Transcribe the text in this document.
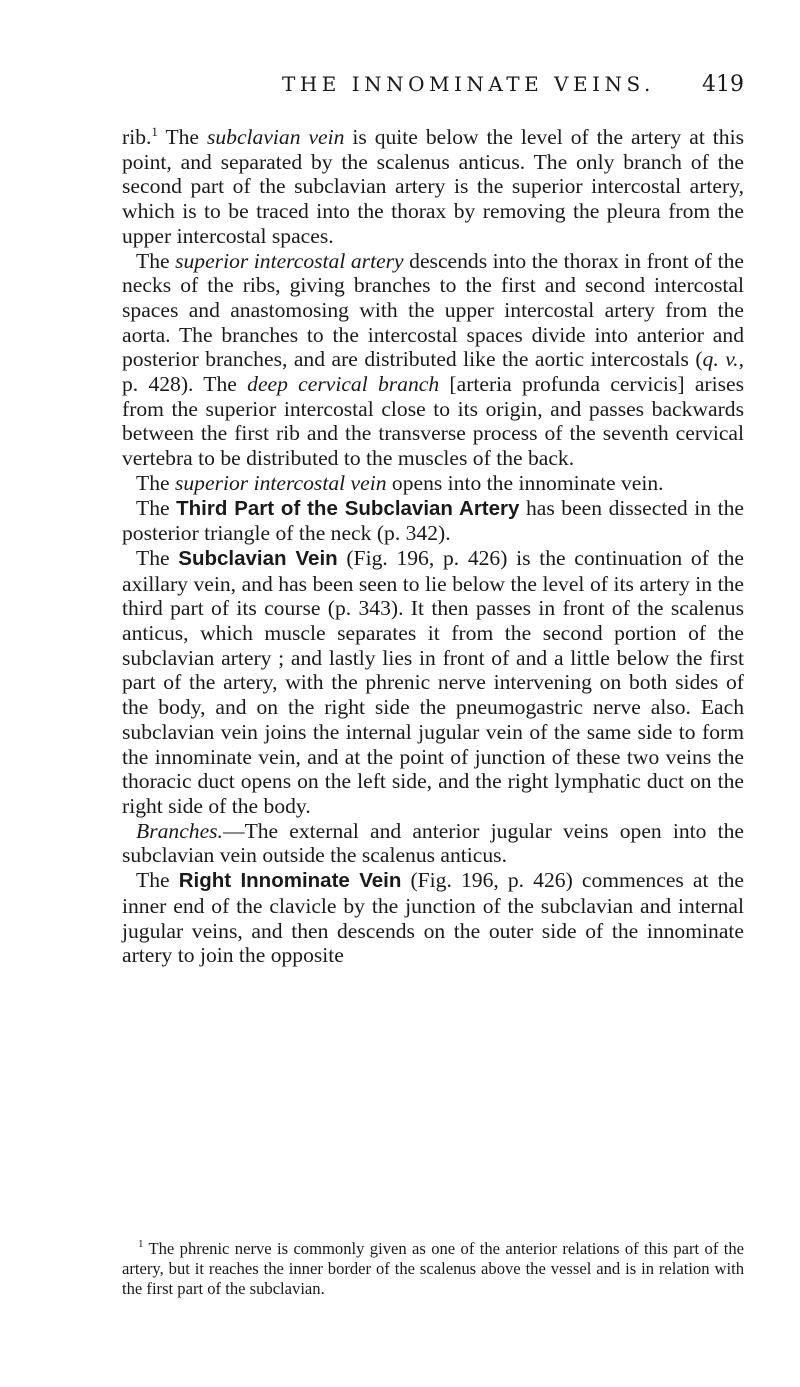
THE INNOMINATE VEINS. 419

rib.$^1$ The subclavian vein is quite below the level of the artery at this point, and separated by the scalenus anticus. The only branch of the second part of the subclavian artery is the superior intercostal artery, which is to be traced into the thorax by removing the pleura from the upper intercostal spaces.

The superior intercostal artery descends into the thorax in front of the necks of the ribs, giving branches to the first and second intercostal spaces and anastomosing with the upper intercostal artery from the aorta. The branches to the intercostal spaces divide into anterior and posterior branches, and are distributed like the aortic intercostals (q. v., p. 428). The deep cervical branch [arteria profunda cervicis] arises from the superior intercostal close to its origin, and passes backwards between the first rib and the transverse process of the seventh cervical vertebra to be distributed to the muscles of the back.

The superior intercostal vein opens into the innominate vein.

The Third Part of the Subclavian Artery has been dissected in the posterior triangle of the neck (p. 342).

The Subclavian Vein (Fig. 196, p. 426) is the continuation of the axillary vein, and has been seen to lie below the level of its artery in the third part of its course (p. 343). It then passes in front of the scalenus anticus, which muscle separates it from the second portion of the subclavian artery ; and lastly lies in front of and a little below the first part of the artery, with the phrenic nerve intervening on both sides of the body, and on the right side the pneumogastric nerve also. Each subclavian vein joins the internal jugular vein of the same side to form the innominate vein, and at the point of junction of these two veins the thoracic duct opens on the left side, and the right lymphatic duct on the right side of the body.

Branches.—The external and anterior jugular veins open into the subclavian vein outside the scalenus anticus.

The Right Innominate Vein (Fig. 196, p. 426) commences at the inner end of the clavicle by the junction of the subclavian and internal jugular veins, and then descends on the outer side of the innominate artery to join the opposite

$^1$ The phrenic nerve is commonly given as one of the anterior relations of this part of the artery, but it reaches the inner border of the scalenus above the vessel and is in relation with the first part of the subclavian.
